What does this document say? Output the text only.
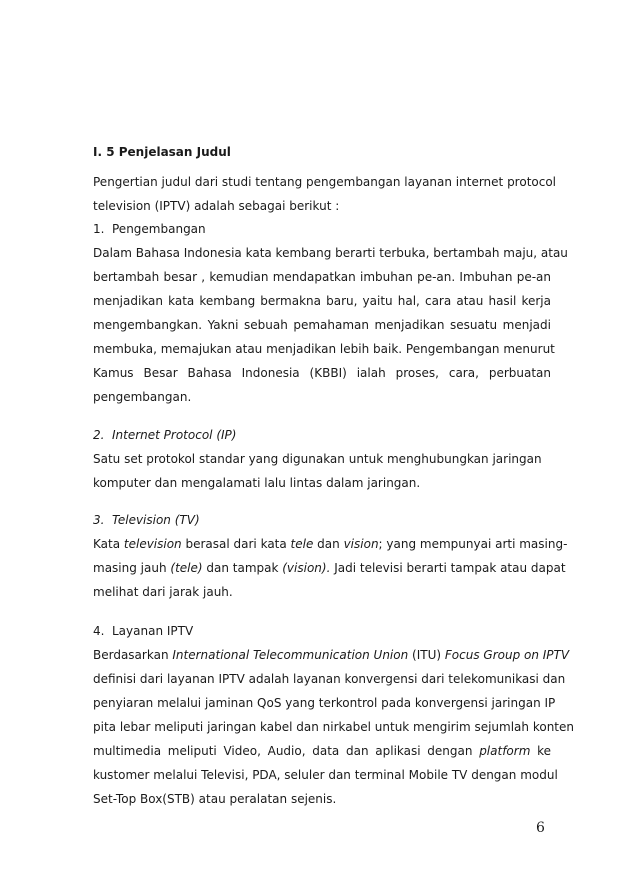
I. 5 Penjelasan Judul
Pengertian judul dari studi tentang pengembangan layanan internet protocol
television (IPTV) adalah sebagai berikut :
1. Pengembangan
Dalam Bahasa Indonesia kata kembang berarti terbuka, bertambah maju, atau
bertambah besar , kemudian mendapatkan imbuhan pe-an. Imbuhan pe-an
menjadikan kata kembang bermakna baru, yaitu hal, cara atau hasil kerja
mengembangkan. Yakni sebuah pemahaman menjadikan sesuatu menjadi
membuka, memajukan atau menjadikan lebih baik. Pengembangan menurut
Kamus Besar Bahasa Indonesia (KBBI) ialah proses, cara, perbuatan
pengembangan.
2. Internet Protocol (IP)
Satu set protokol standar yang digunakan untuk menghubungkan jaringan
komputer dan mengalamati lalu lintas dalam jaringan.
3. Television (TV)
Kata television berasal dari kata tele dan vision; yang mempunyai arti masing-
masing jauh (tele) dan tampak (vision). Jadi televisi berarti tampak atau dapat
melihat dari jarak jauh.
4. Layanan IPTV
Berdasarkan International Telecommunication Union (ITU) Focus Group on IPTV
definisi dari layanan IPTV adalah layanan konvergensi dari telekomunikasi dan
penyiaran melalui jaminan QoS yang terkontrol pada konvergensi jaringan IP
pita lebar meliputi jaringan kabel dan nirkabel untuk mengirim sejumlah konten
multimedia meliputi Video, Audio, data dan aplikasi dengan platform ke
kustomer melalui Televisi, PDA, seluler dan terminal Mobile TV dengan modul
Set-Top Box(STB) atau peralatan sejenis.
6
